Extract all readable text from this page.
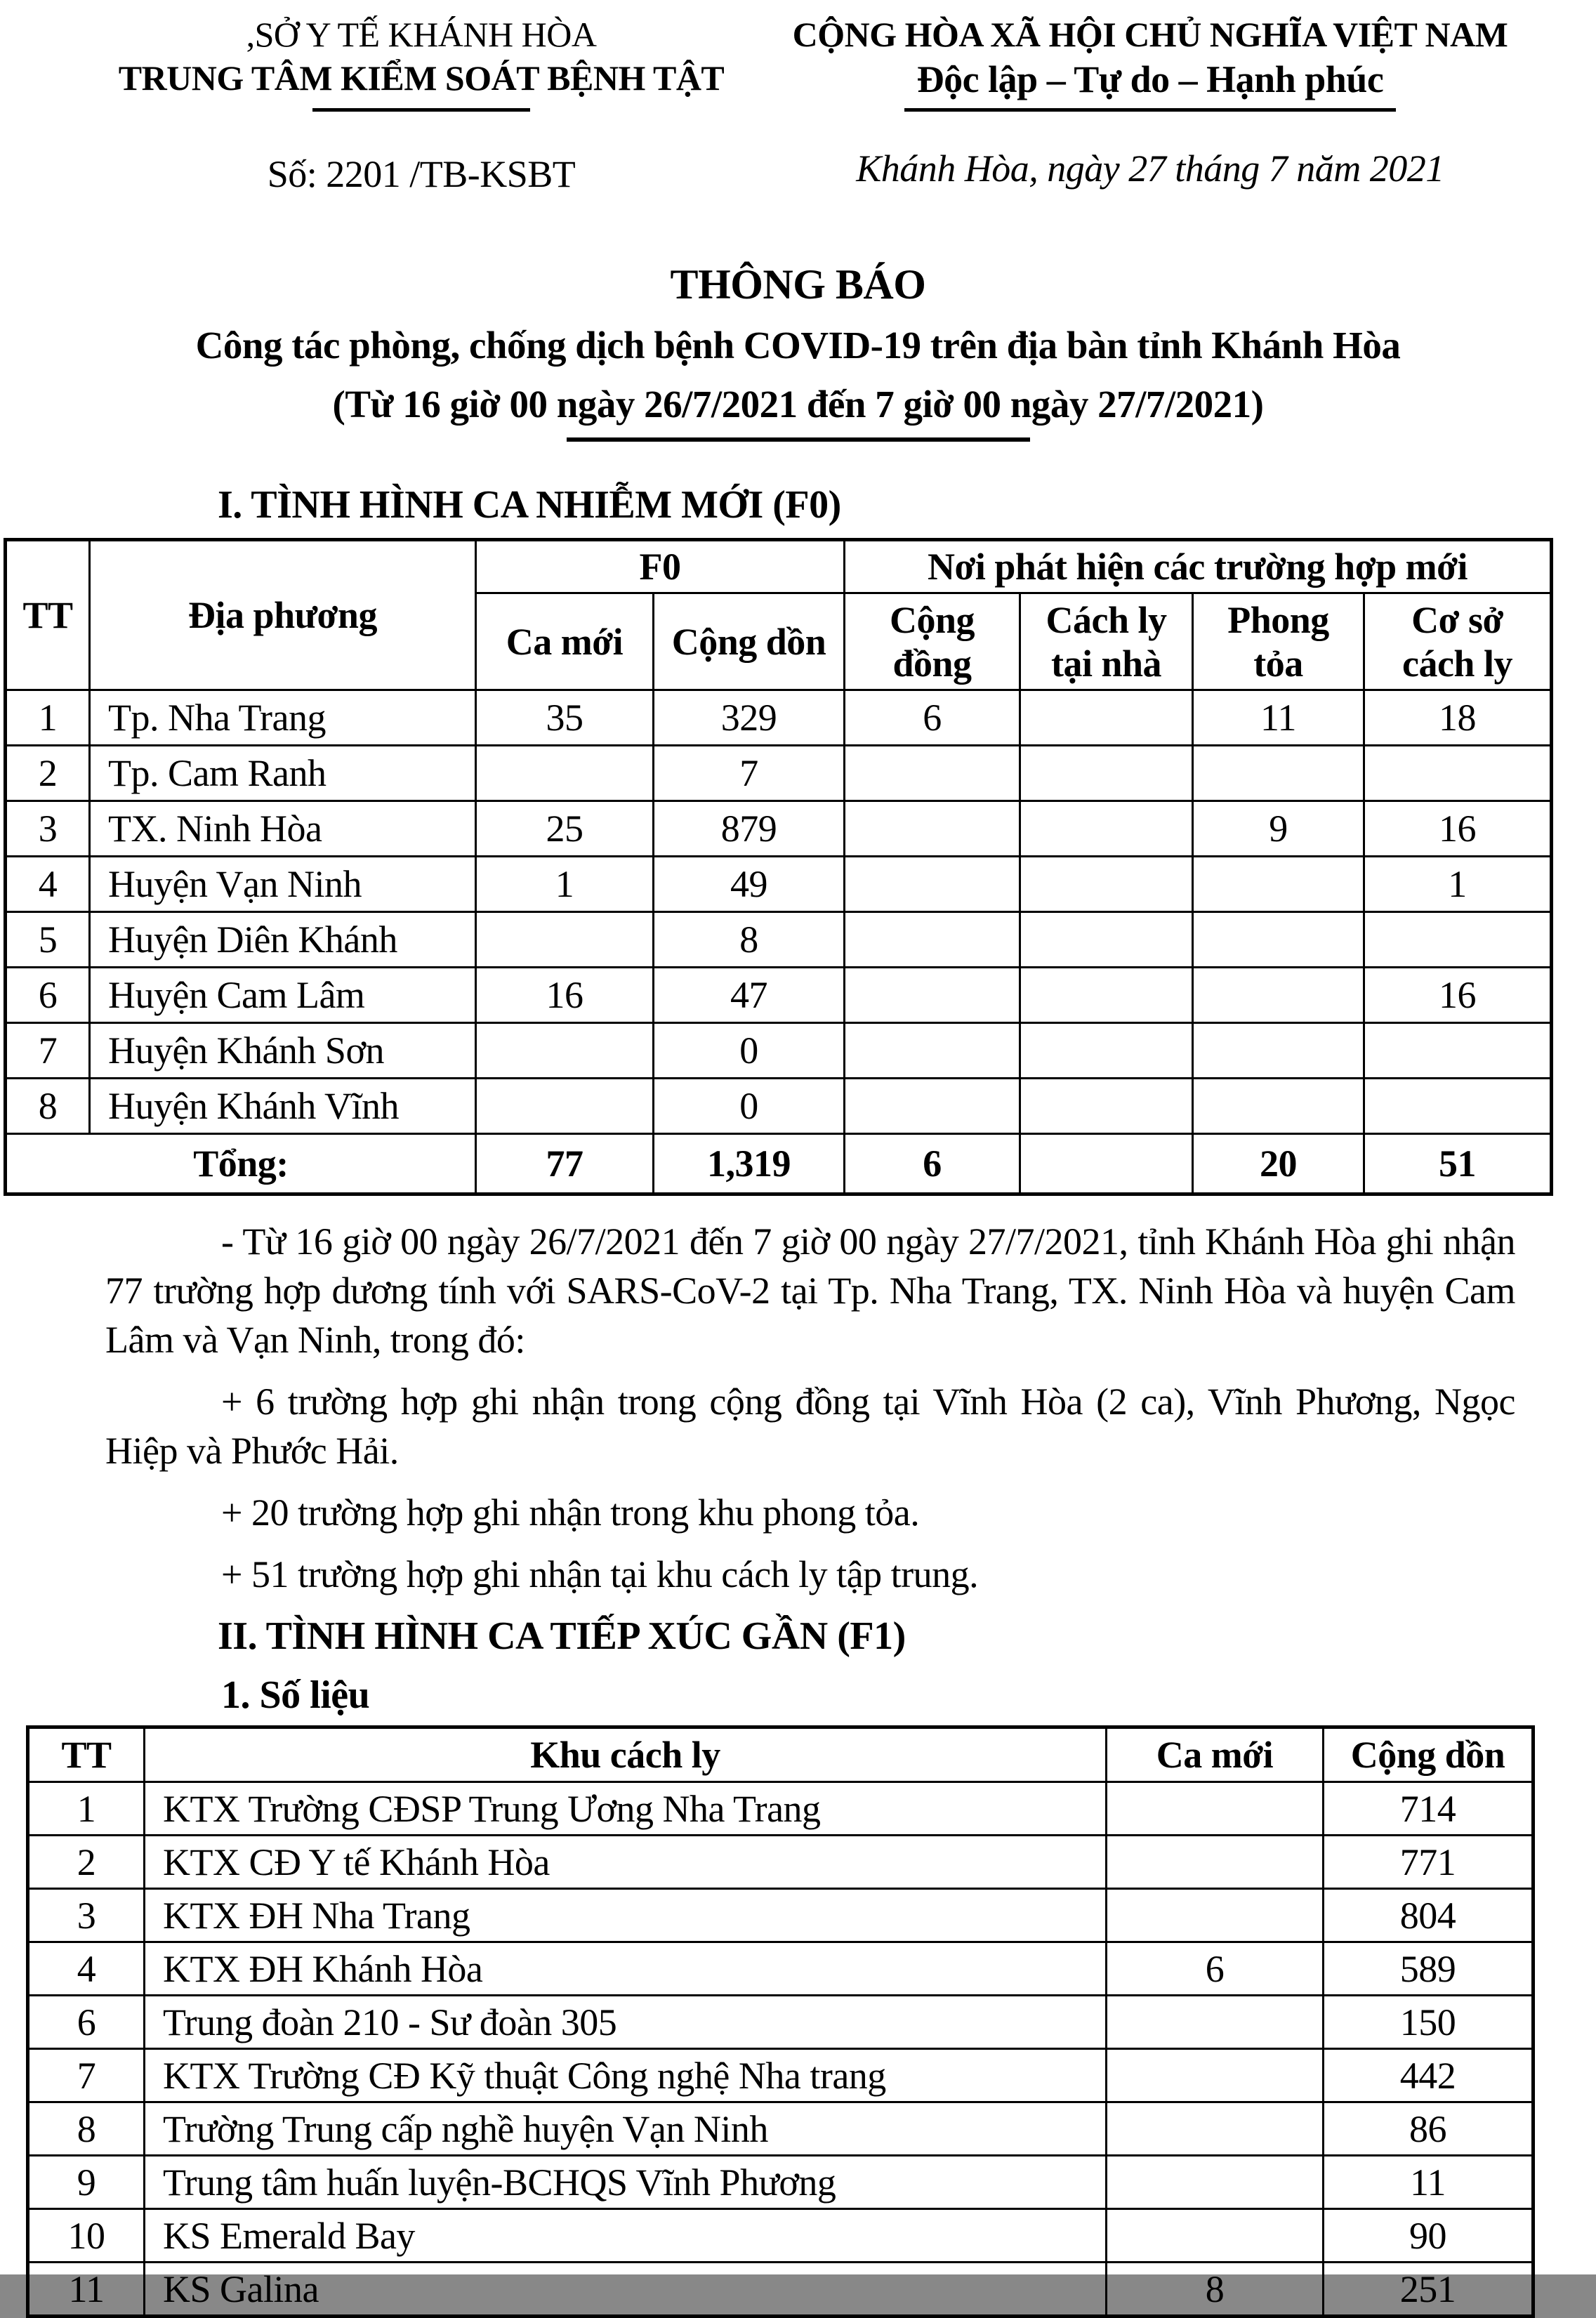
,SỞ Y TẾ KHÁNH HÒA
TRUNG TÂM KIỂM SOÁT BỆNH TẬT
Số: 2201 /TB-KSBT
CỘNG HÒA XÃ HỘI CHỦ NGHĨA VIỆT NAM
Độc lập – Tự do – Hạnh phúc
Khánh Hòa, ngày 27 tháng 7 năm 2021
THÔNG BÁO
Công tác phòng, chống dịch bệnh COVID-19 trên địa bàn tỉnh Khánh Hòa
(Từ 16 giờ 00 ngày 26/7/2021 đến 7 giờ 00 ngày 27/7/2021)
I. TÌNH HÌNH CA NHIỄM MỚI (F0)
TT	Địa phương	F0		Nơi phát hiện các trường hợp mới			
		Ca mới	Cộng dồn	Cộng đồng	Cách ly tại nhà	Phong tỏa	Cơ sở cách ly
1	Tp. Nha Trang	35	329	6		11	18
2	Tp. Cam Ranh		7				
3	TX. Ninh Hòa	25	879			9	16
4	Huyện Vạn Ninh	1	49				1
5	Huyện Diên Khánh		8				
6	Huyện Cam Lâm	16	47				16
7	Huyện Khánh Sơn		0				
8	Huyện Khánh Vĩnh		0				
Tổng:		77	1,319	6		20	51
- Từ 16 giờ 00 ngày 26/7/2021 đến 7 giờ 00 ngày 27/7/2021, tỉnh Khánh Hòa ghi nhận 77 trường hợp dương tính với SARS-CoV-2 tại Tp. Nha Trang, TX. Ninh Hòa và huyện Cam Lâm và Vạn Ninh, trong đó:
+ 6 trường hợp ghi nhận trong cộng đồng tại Vĩnh Hòa (2 ca), Vĩnh Phương, Ngọc Hiệp và Phước Hải.
+ 20 trường hợp ghi nhận trong khu phong tỏa.
+ 51 trường hợp ghi nhận tại khu cách ly tập trung.
II. TÌNH HÌNH CA TIẾP XÚC GẦN (F1)
1. Số liệu
TT	Khu cách ly	Ca mới	Cộng dồn
1	KTX Trường CĐSP Trung Ương Nha Trang		714
2	KTX CĐ Y tế Khánh Hòa		771
3	KTX ĐH Nha Trang		804
4	KTX ĐH Khánh Hòa	6	589
6	Trung đoàn 210 - Sư đoàn 305		150
7	KTX Trường CĐ Kỹ thuật Công nghệ Nha trang		442
8	Trường Trung cấp nghề huyện Vạn Ninh		86
9	Trung tâm huấn luyện-BCHQS Vĩnh Phương		11
10	KS Emerald Bay		90
11	KS Galina	8	251
